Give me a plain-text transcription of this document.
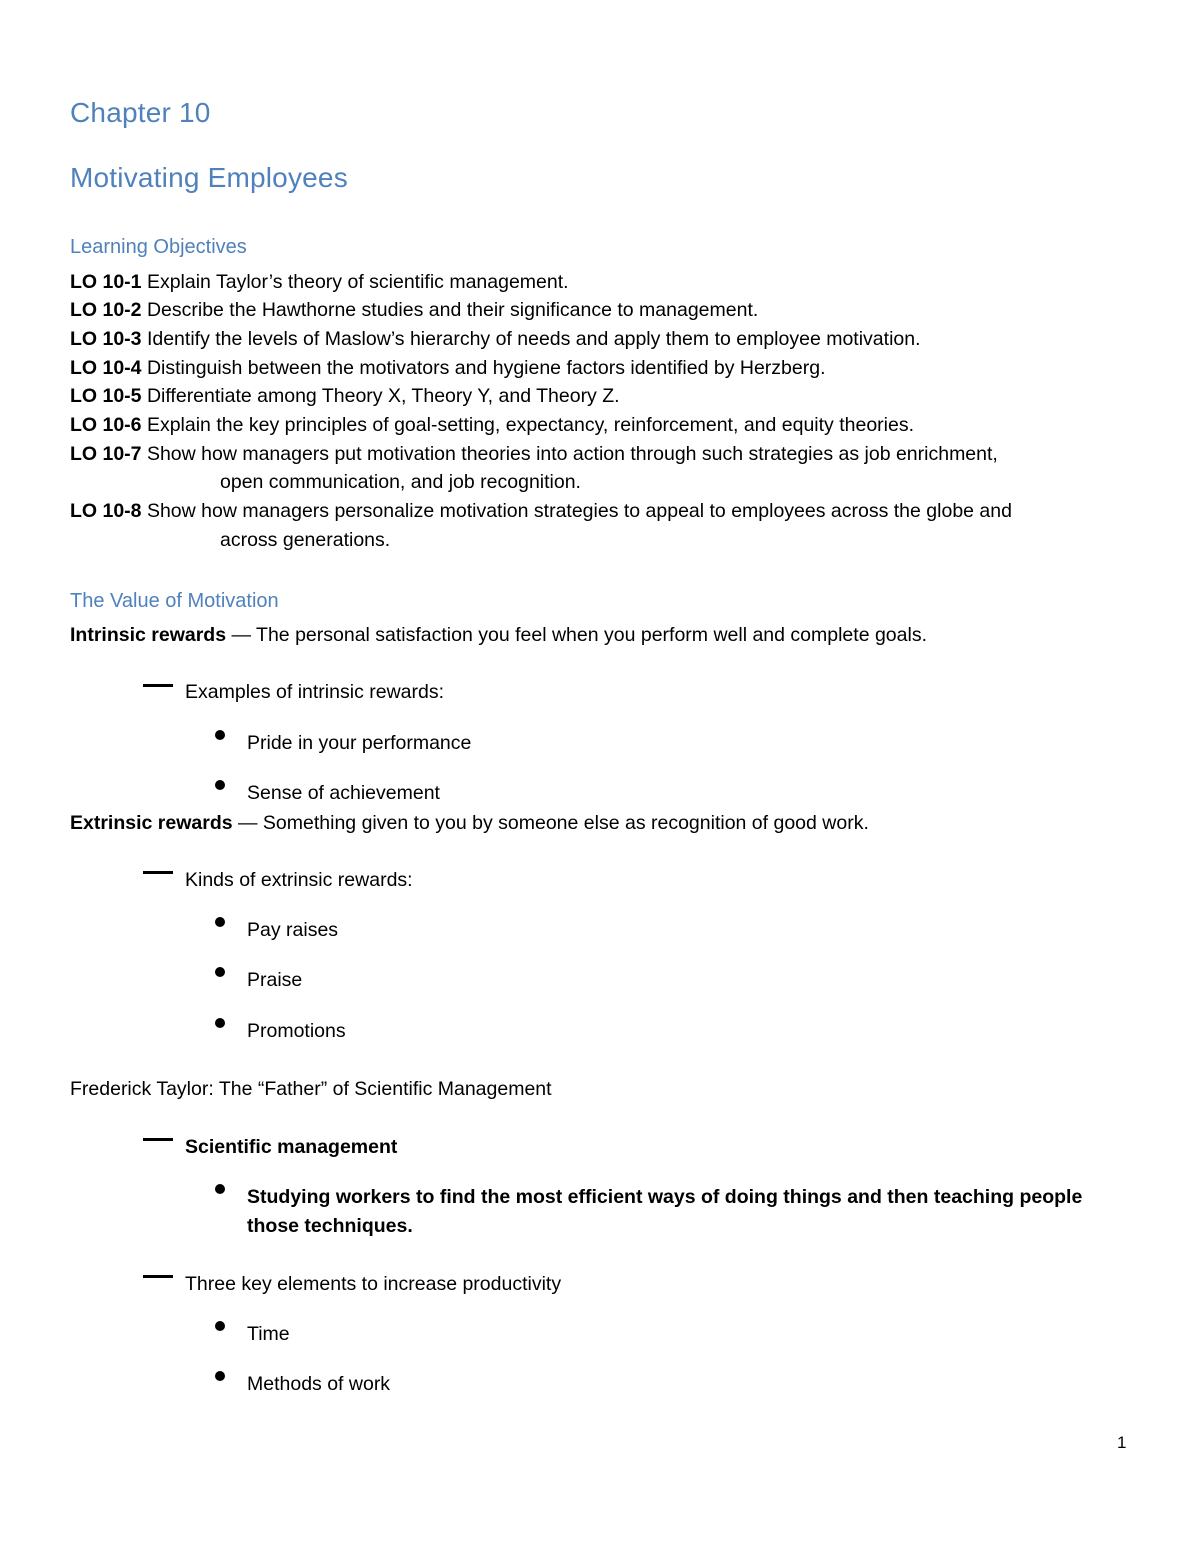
Chapter 10
Motivating Employees
Learning Objectives
LO 10-1 Explain Taylor’s theory of scientific management.
LO 10-2 Describe the Hawthorne studies and their significance to management.
LO 10-3 Identify the levels of Maslow’s hierarchy of needs and apply them to employee motivation.
LO 10-4 Distinguish between the motivators and hygiene factors identified by Herzberg.
LO 10-5 Differentiate among Theory X, Theory Y, and Theory Z.
LO 10-6 Explain the key principles of goal-setting, expectancy, reinforcement, and equity theories.
LO 10-7 Show how managers put motivation theories into action through such strategies as job enrichment,
open communication, and job recognition.
LO 10-8 Show how managers personalize motivation strategies to appeal to employees across the globe and
across generations.
The Value of Motivation
Intrinsic rewards — The personal satisfaction you feel when you perform well and complete goals.
Examples of intrinsic rewards:
Pride in your performance
Sense of achievement
Extrinsic rewards — Something given to you by someone else as recognition of good work.
Kinds of extrinsic rewards:
Pay raises
Praise
Promotions
Frederick Taylor: The “Father” of Scientific Management
Scientific management
Studying workers to find the most efficient ways of doing things and then teaching people
those techniques.
Three key elements to increase productivity
Time
Methods of work
1
